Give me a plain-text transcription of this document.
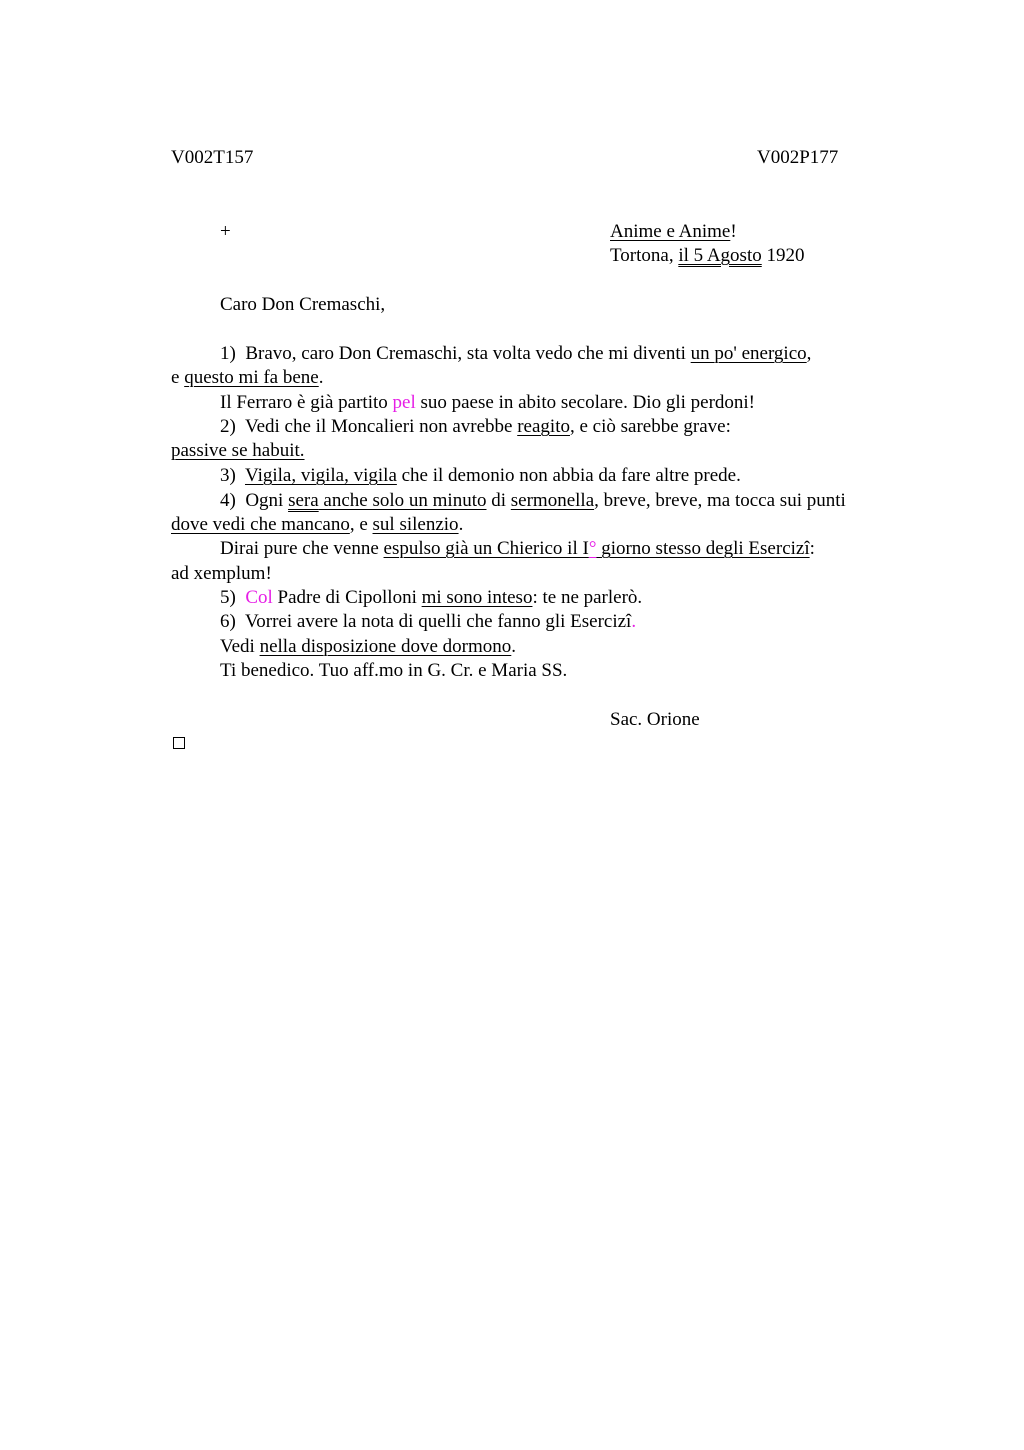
V002T157	V002P177
+	Anime e Anime!
Tortona, il 5 Agosto 1920
Caro Don Cremaschi,
1)  Bravo, caro Don Cremaschi, sta volta vedo che mi diventi un po' energico,
e questo mi fa bene.
Il Ferraro è già partito pel suo paese in abito secolare. Dio gli perdoni!
2)  Vedi che il Moncalieri non avrebbe reagito, e ciò sarebbe grave:
passive se habuit.
3)  Vigila, vigila, vigila che il demonio non abbia da fare altre prede.
4)  Ogni sera anche solo un minuto di sermonella, breve, breve, ma tocca sui punti
dove vedi che mancano, e sul silenzio.
Dirai pure che venne espulso già un Chierico il I° giorno stesso degli Esercizî:
ad xemplum!
5)  Col Padre di Cipolloni mi sono inteso: te ne parlerò.
6)  Vorrei avere la nota di quelli che fanno gli Esercizî.
Vedi nella disposizione dove dormono.
Ti benedico. Tuo aff.mo in G. Cr. e Maria SS.
Sac. Orione
